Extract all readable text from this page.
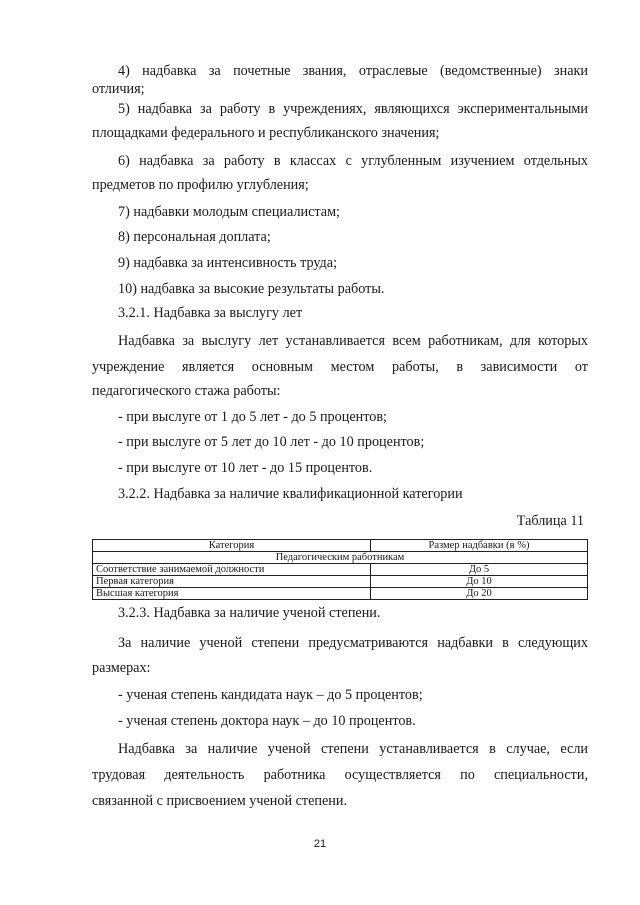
4) надбавка за почетные звания, отраслевые (ведомственные) знаки
отличия;
5) надбавка за работу в учреждениях, являющихся экспериментальными
площадками федерального и республиканского значения;
6) надбавка за работу в классах с углубленным изучением отдельных
предметов по профилю углубления;
7) надбавки молодым специалистам;
8) персональная доплата;
9) надбавка за интенсивность труда;
10) надбавка за высокие результаты работы.
3.2.1. Надбавка за выслугу лет
Надбавка за выслугу лет устанавливается всем работникам, для которых
учреждение является основным местом работы, в зависимости от
педагогического стажа работы:
- при выслуге от 1 до 5 лет - до 5 процентов;
- при выслуге от 5 лет до 10 лет - до 10 процентов;
- при выслуге от 10 лет - до 15 процентов.
3.2.2. Надбавка за наличие квалификационной категории
Таблица 11
Категория	Размер надбавки (в %)
Педагогическим работникам	
Соответствие занимаемой должности	До 5
Первая категория	До 10
Высшая категория	До 20
3.2.3. Надбавка за наличие ученой степени.
За наличие ученой степени предусматриваются надбавки в следующих
размерах:
- ученая степень кандидата наук – до 5 процентов;
- ученая степень доктора наук – до 10 процентов.
Надбавка за наличие ученой степени устанавливается в случае, если
трудовая деятельность работника осуществляется по специальности,
связанной с присвоением ученой степени.
21
